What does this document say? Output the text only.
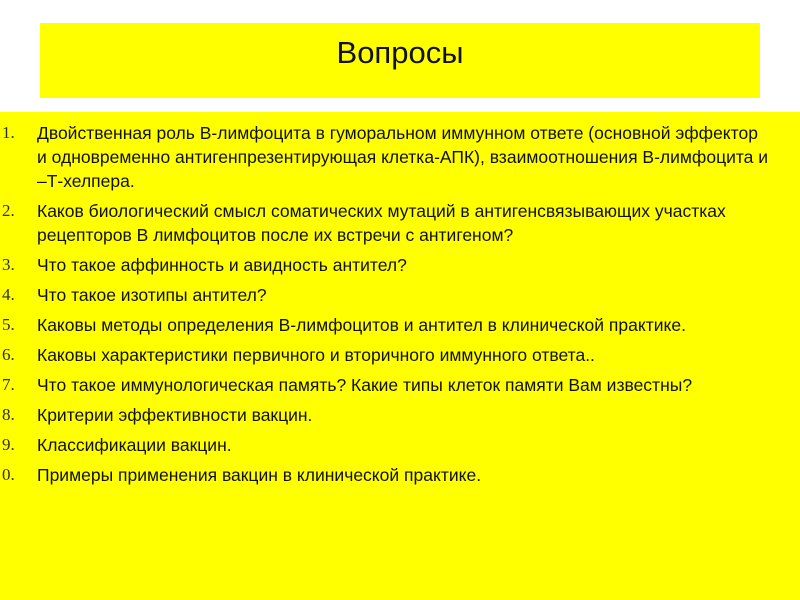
Вопросы
1.	Двойственная роль В-лимфоцита в гуморальном иммунном ответе (основной эффектор и одновременно антигенпрезентирующая клетка-АПК), взаимоотношения В-лимфоцита и –Т-хелпера.
2.	Каков биологический смысл соматических мутаций в антигенсвязывающих участках рецепторов В лимфоцитов после их встречи с антигеном?
3.	Что такое аффинность и авидность антител?
4.	Что такое изотипы антител?
5.	Каковы методы определения В-лимфоцитов и антител в клинической практике.
6.	Каковы характеристики первичного и вторичного иммунного ответа..
7.	Что такое иммунологическая память? Какие типы клеток памяти Вам известны?
8.	Критерии эффективности вакцин.
9.	Классификации вакцин.
0.	Примеры применения вакцин в клинической практике.
